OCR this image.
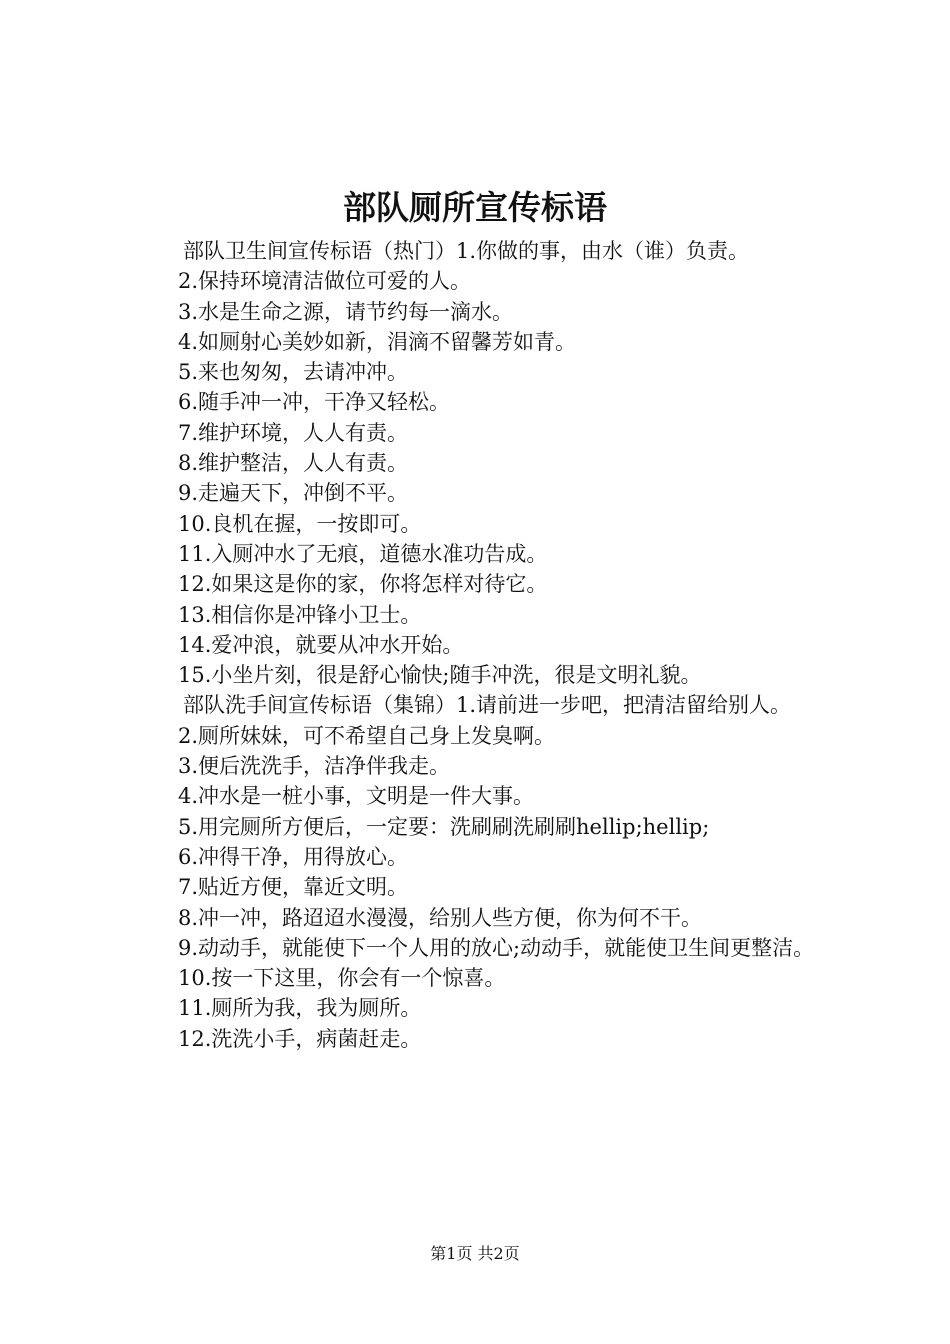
部队厕所宣传标语

部队卫生间宣传标语（热门）1.你做的事，由水（谁）负责。

2.保持环境清洁做位可爱的人。

3.水是生命之源，请节约每一滴水。

4.如厕射心美妙如新，涓滴不留馨芳如青。

5.来也匆匆，去请冲冲。

6.随手冲一冲，干净又轻松。

7.维护环境，人人有责。

8.维护整洁，人人有责。

9.走遍天下，冲倒不平。

10.良机在握，一按即可。

11.入厕冲水了无痕，道德水准功告成。

12.如果这是你的家，你将怎样对待它。

13.相信你是冲锋小卫士。

14.爱冲浪，就要从冲水开始。

15.小坐片刻，很是舒心愉快;随手冲洗，很是文明礼貌。

部队洗手间宣传标语（集锦）1.请前进一步吧，把清洁留给别人。

2.厕所妹妹，可不希望自己身上发臭啊。

3.便后洗洗手，洁净伴我走。

4.冲水是一桩小事，文明是一件大事。

5.用完厕所方便后，一定要：洗刷刷洗刷刷hellip;hellip;

6.冲得干净，用得放心。

7.贴近方便，靠近文明。

8.冲一冲，路迢迢水漫漫，给别人些方便，你为何不干。

9.动动手，就能使下一个人用的放心;动动手，就能使卫生间更整洁。

10.按一下这里，你会有一个惊喜。

11.厕所为我，我为厕所。

12.洗洗小手，病菌赶走。

第1页 共2页
